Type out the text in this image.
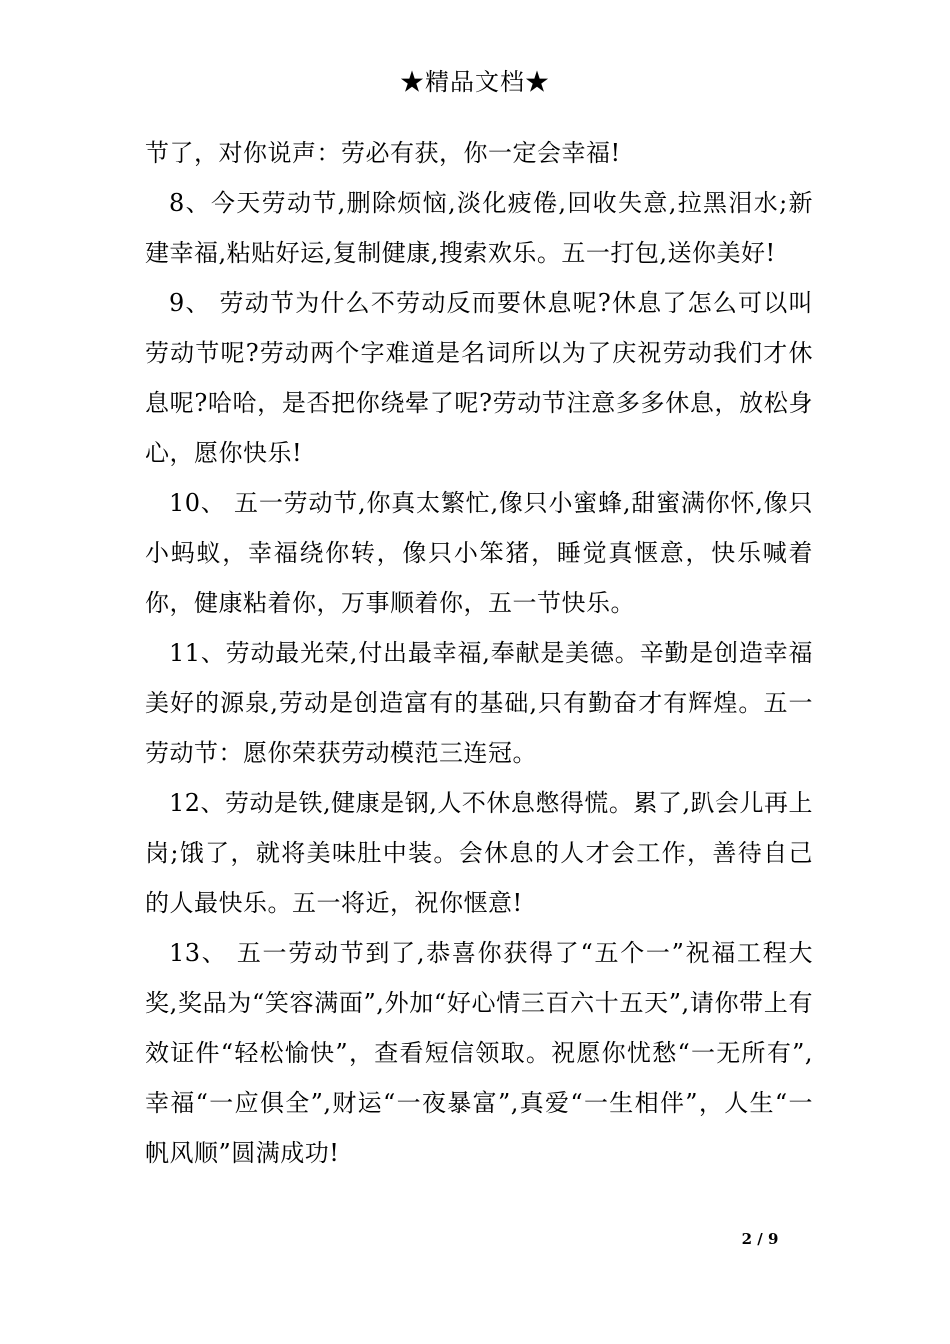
★精品文档★

节了，对你说声：劳必有获，你一定会幸福!

8、今天劳动节,删除烦恼,淡化疲倦,回收失意,拉黑泪水;新建幸福,粘贴好运,复制健康,搜索欢乐。五一打包,送你美好!

9、 劳动节为什么不劳动反而要休息呢?休息了怎么可以叫劳动节呢?劳动两个字难道是名词所以为了庆祝劳动我们才休息呢?哈哈，是否把你绕晕了呢?劳动节注意多多休息，放松身心，愿你快乐!

10、 五一劳动节,你真太繁忙,像只小蜜蜂,甜蜜满你怀,像只小蚂蚁，幸福绕你转，像只小笨猪，睡觉真惬意，快乐喊着你，健康粘着你，万事顺着你，五一节快乐。

11、劳动最光荣,付出最幸福,奉献是美德。辛勤是创造幸福美好的源泉,劳动是创造富有的基础,只有勤奋才有辉煌。五一劳动节：愿你荣获劳动模范三连冠。

12、劳动是铁,健康是钢,人不休息憋得慌。累了,趴会儿再上岗;饿了，就将美味肚中装。会休息的人才会工作，善待自己的人最快乐。五一将近，祝你惬意!

13、 五一劳动节到了,恭喜你获得了“五个一”祝福工程大奖,奖品为“笑容满面”,外加“好心情三百六十五天”,请你带上有效证件“轻松愉快”，查看短信领取。祝愿你忧愁“一无所有”,幸福“一应俱全”,财运“一夜暴富”,真爱“一生相伴”，人生“一帆风顺”圆满成功!

2 / 9
